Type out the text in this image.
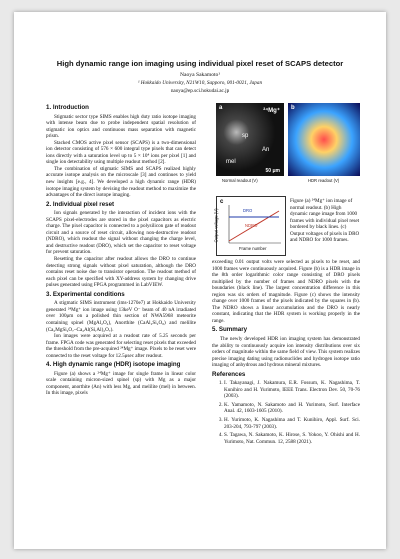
High dynamic range ion imaging using individual pixel reset of SCAPS detector
Naoya Sakamoto¹
¹ Hokkaido University, N21W10, Sapporo, 001-0021, Japan
naoya@ep.sci.hokudai.ac.jp
1. Introduction

Stigmatic sector type SIMS enables high duty ratio isotope imaging with intense beam due to probe independent spatial resolution of stigmatic ion optics and continuous mass separation with magnetic prism.

Stacked CMOS active pixel sensor (SCAPS) is a two-dimensional ion detector consisting of 576 × 600 integral type pixels that can detect ions directly with a saturation level up to 5 × 10⁴ ions per pixel [1] and single ion detectability using multiple readout method [2].

The combination of stigmatic SIMS and SCAPS realized highly accurate isotope analysis on the microscale [3] and continues to yield new insights [e.g., 4]. We developed a high dynamic range (HDR) isotope imaging system by devising the readout method to maximize the advantages of the direct isotope imaging.

2. Individual pixel reset

Ion signals generated by the interaction of incident ions with the SCAPS pixel-electrodes are stored in the pixel capacitors as electric charge. The pixel capacitor is connected to a polysilicon gate of readout circuit and a source of reset circuit, allowing non-destructive readout (NDRO), which readout the signal without changing the charge level, and destructive readout (DRO), which set the capacitor to reset voltage for prevent saturation.

Resetting the capacitor after readout allows the DRO to continue detecting strong signals without pixel saturation, although the DRO contains reset noise due to transistor operation. The readout method of each pixel can be specified with XY-address system by changing drive pulses generated using FPGA programmed in LabVIEW.

3. Experimental conditions

A stigmatic SIMS instrument (ims-1270e7) at Hokkaido University generated ²⁴Mg⁺ ion image using 13keV O⁻ beam of 40 nA irradiated over 100μm on a polished thin section of NWA5968 meteorite containing spinel (MgAl₂O₄), Anorthite (CaAl₂Si₂O₈) and melilite (Ca₂MgSi₂O₇–Ca₂Al(Si,Al)₂O₇).

Ion images were acquired at a readout rate of 5.25 seconds per frame. FPGA code was generated for selecting reset pixels that exceeded the threshold from the pre-acquired ²⁴Mg⁺ image. Pixels to be reset were connected to the reset voltage for 12.5μsec after readout.

4. High dynamic range (HDR) isotope imaging

Figure (a) shows a ²⁴Mg⁺ image for single frame in linear color scale containing micron-sized spinel (sp) with Mg as a major component, anorthite (An) with less Mg, and melilite (mel) in between. In this image, pixels

a	²⁴Mg⁺
sp
An
mel
50 μm
Normal readout (V)
b
HDR readout (V)
c
DRO
NDRO
Frame number
Output voltage (V)
Figure (a) ²⁴Mg⁺ ion image of normal readout. (b) High dynamic range image from 1000 frames with individual pixel reset bordered by black lines. (c) Output voltages of pixels in DRO and NDRO for 1000 frames.

exceeding 0.01 output volts were selected as pixels to be reset, and 1000 frames were continuously acquired. Figure (b) is a HDR image in the 8th order logarithmic color range consisting of DRO pixels multiplied by the number of frames and NDRO pixels with the boundaries (black line). The largest concentration difference in this region was six orders of magnitude. Figure (c) shows the intensity change over 1000 frames of the pixels indicated by the squares in (b). The NDRO shows a linear accumulation and the DRO is nearly constant, indicating that the HDR system is working properly in the range.

5. Summary

The newly developed HDR ion imaging system has demonstrated the ability to continuously acquire ion intensity distributions over six orders of magnitude within the same field of view. This system realizes precise imaging dating using radionuclides and hydrogen isotope ratio imaging of anhydrous and hydrous mineral mixtures.

References
1. I. Takayanagi, J. Nakamura, E.R. Fossum, K. Nagashima, T. Kunihiro and H. Yurimoto, IEEE Trans. Electron Dev. 50, 70-76 (2003).
2. K. Yamamoto, N. Sakamoto and H. Yurimoto, Surf. Interface Anal. 42, 1603-1605 (2010).
3. H. Yurimoto, K. Nagashima and T. Kunihiro, Appl. Surf. Sci. 203-204, 793-797 (2003).
4. S. Tagawa, N. Sakamoto, K. Hirose, S. Yokoo, Y. Ohishi and H. Yurimoto, Nat. Commun. 12, 2588 (2021).
